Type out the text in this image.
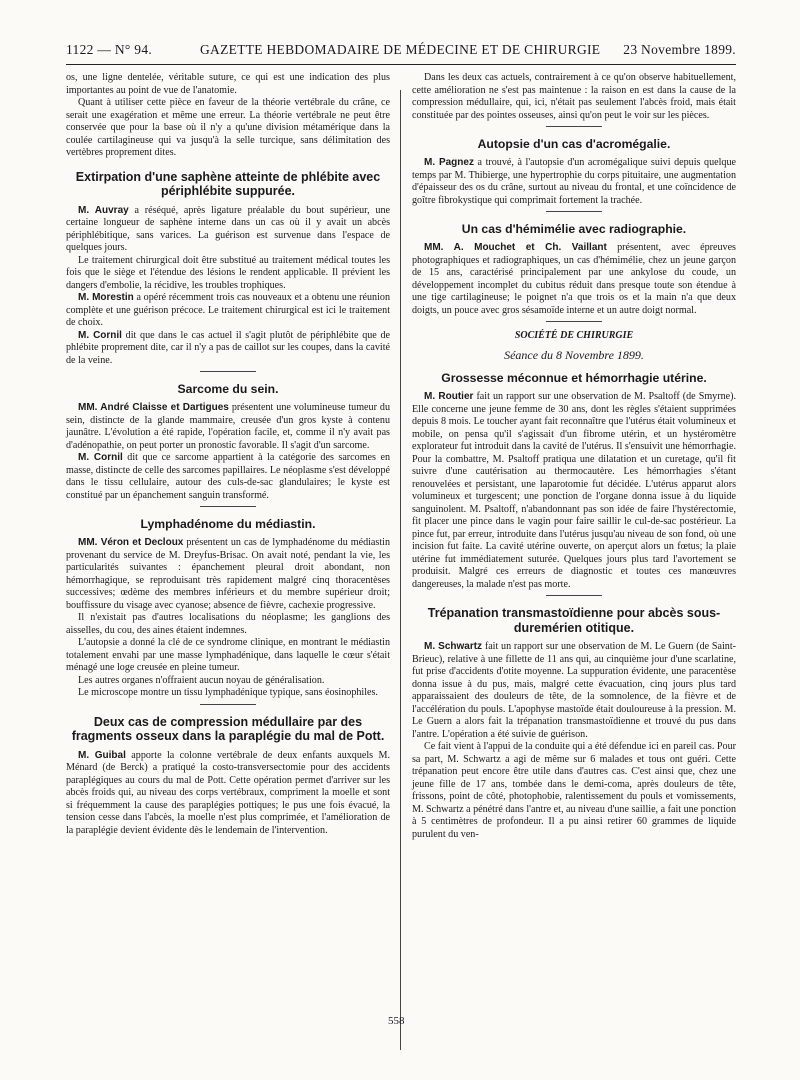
1122 — N° 94.	GAZETTE HEBDOMADAIRE DE MÉDECINE ET DE CHIRURGIE 23 Novembre 1899.

os, une ligne dentelée, véritable suture, ce qui est une indication des plus importantes au point de vue de l'anatomie.

Quant à utiliser cette pièce en faveur de la théorie vertébrale du crâne, ce serait une exagération et même une erreur. La théorie vertébrale ne peut être conservée que pour la base où il n'y a qu'une division métamérique dans la coulée cartilagineuse qui va jusqu'à la selle turcique, sans délimitation des vertèbres proprement dites.

Extirpation d'une saphène atteinte de phlébite avec périphlébite suppurée.

M. Auvray a réséqué, après ligature préalable du bout supérieur, une certaine longueur de saphène interne dans un cas où il y avait un abcès périphlébitique, sans varices. La guérison est survenue dans l'espace de quelques jours.

Le traitement chirurgical doit être substitué au traitement médical toutes les fois que le siège et l'étendue des lésions le rendent applicable. Il prévient les dangers d'embolie, la récidive, les troubles trophiques.

M. Morestin a opéré récemment trois cas nouveaux et a obtenu une réunion complète et une guérison précoce. Le traitement chirurgical est ici le traitement de choix.

M. Cornil dit que dans le cas actuel il s'agit plutôt de périphlébite que de phlébite proprement dite, car il n'y a pas de caillot sur les coupes, dans la cavité de la veine.

Sarcome du sein.

MM. André Claisse et Dartigues présentent une volumineuse tumeur du sein, distincte de la glande mammaire, creusée d'un gros kyste à contenu jaunâtre. L'évolution a été rapide, l'opération facile, et, comme il n'y avait pas d'adénopathie, on peut porter un pronostic favorable. Il s'agit d'un sarcome.

M. Cornil dit que ce sarcome appartient à la catégorie des sarcomes en masse, distincte de celle des sarcomes papillaires. Le néoplasme s'est développé dans le tissu cellulaire, autour des culs-de-sac glandulaires; le kyste est constitué par un épanchement sanguin transformé.

Lymphadénome du médiastin.

MM. Véron et Decloux présentent un cas de lymphadénome du médiastin provenant du service de M. Dreyfus-Brisac. On avait noté, pendant la vie, les particularités suivantes : épanchement pleural droit abondant, non hémorrhagique, se reproduisant très rapidement malgré cinq thoracentèses successives; œdème des membres inférieurs et du membre supérieur droit; bouffissure du visage avec cyanose; absence de fièvre, cachexie progressive.

Il n'existait pas d'autres localisations du néoplasme; les ganglions des aisselles, du cou, des aines étaient indemnes.

L'autopsie a donné la clé de ce syndrome clinique, en montrant le médiastin totalement envahi par une masse lymphadénique, dans laquelle le cœur s'était ménagé une loge creusée en pleine tumeur.

Les autres organes n'offraient aucun noyau de généralisation.

Le microscope montre un tissu lymphadénique typique, sans éosinophiles.

Deux cas de compression médullaire par des fragments osseux dans la paraplégie du mal de Pott.

M. Guibal apporte la colonne vertébrale de deux enfants auxquels M. Ménard (de Berck) a pratiqué la costo-transversectomie pour des accidents paraplégiques au cours du mal de Pott. Cette opération permet d'arriver sur les abcès froids qui, au niveau des corps vertébraux, compriment la moelle et sont si fréquemment la cause des paraplégies pottiques; le pus une fois évacué, la tension cesse dans l'abcès, la moelle n'est plus comprimée, et l'amélioration de la paraplégie devient évidente dès le lendemain de l'intervention.

Dans les deux cas actuels, contrairement à ce qu'on observe habituellement, cette amélioration ne s'est pas maintenue : la raison en est dans la cause de la compression médullaire, qui, ici, n'était pas seulement l'abcès froid, mais était constituée par des pointes osseuses, ainsi qu'on peut le voir sur les pièces.

Autopsie d'un cas d'acromégalie.

M. Pagnez a trouvé, à l'autopsie d'un acromégalique suivi depuis quelque temps par M. Thibierge, une hypertrophie du corps pituitaire, une augmentation d'épaisseur des os du crâne, surtout au niveau du frontal, et une coïncidence de goître fibrokystique qui comprimait fortement la trachée.

Un cas d'hémimélie avec radiographie.

MM. A. Mouchet et Ch. Vaillant présentent, avec épreuves photographiques et radiographiques, un cas d'hémimélie, chez un jeune garçon de 15 ans, caractérisé principalement par une ankylose du coude, un développement incomplet du cubitus réduit dans presque toute son étendue à une tige cartilagineuse; le poignet n'a que trois os et la main n'a que deux doigts, un pouce avec gros sésamoïde interne et un autre doigt normal.

SOCIÉTÉ DE CHIRURGIE
Séance du 8 Novembre 1899.
Grossesse méconnue et hémorrhagie utérine.

M. Routier fait un rapport sur une observation de M. Psaltoff (de Smyrne). Elle concerne une jeune femme de 30 ans, dont les règles s'étaient supprimées depuis 8 mois. Le toucher ayant fait reconnaître que l'utérus était volumineux et mobile, on pensa qu'il s'agissait d'un fibrome utérin, et un hystéromètre explorateur fut introduit dans la cavité de l'utérus. Il s'ensuivit une hémorrhagie. Pour la combattre, M. Psaltoff pratiqua une dilatation et un curetage, qu'il fit suivre d'une cautérisation au thermocautère. Les hémorrhagies s'étant renouvelées et persistant, une laparotomie fut décidée. L'utérus apparut alors volumineux et turgescent; une ponction de l'organe donna issue à du liquide sanguinolent. M. Psaltoff, n'abandonnant pas son idée de faire l'hystérectomie, fit placer une pince dans le vagin pour faire saillir le cul-de-sac postérieur. La pince fut, par erreur, introduite dans l'utérus jusqu'au niveau de son fond, où une incision fut faite. La cavité utérine ouverte, on aperçut alors un fœtus; la plaie utérine fut immédiatement suturée. Quelques jours plus tard l'avortement se produisit. Malgré ces erreurs de diagnostic et toutes ces manœuvres dangereuses, la malade n'est pas morte.

Trépanation transmastoïdienne pour abcès sous-duremérien otitique.

M. Schwartz fait un rapport sur une observation de M. Le Guern (de Saint-Brieuc), relative à une fillette de 11 ans qui, au cinquième jour d'une scarlatine, fut prise d'accidents d'otite moyenne. La suppuration évidente, une paracentèse donna issue à du pus, mais, malgré cette évacuation, cinq jours plus tard apparaissaient des douleurs de tête, de la somnolence, de la fièvre et de l'accélération du pouls. L'apophyse mastoïde était douloureuse à la pression. M. Le Guern a alors fait la trépanation transmastoïdienne et trouvé du pus dans l'antre. L'opération a été suivie de guérison.

Ce fait vient à l'appui de la conduite qui a été défendue ici en pareil cas. Pour sa part, M. Schwartz a agi de même sur 6 malades et tous ont guéri. Cette trépanation peut encore être utile dans d'autres cas. C'est ainsi que, chez une jeune fille de 17 ans, tombée dans le demi-coma, après douleurs de tête, frissons, point de côté, photophobie, ralentissement du pouls et vomissements, M. Schwartz a pénétré dans l'antre et, au niveau d'une saillie, a fait une ponction à 5 centimètres de profondeur. Il a pu ainsi retirer 60 grammes de liquide purulent du ven-

558
